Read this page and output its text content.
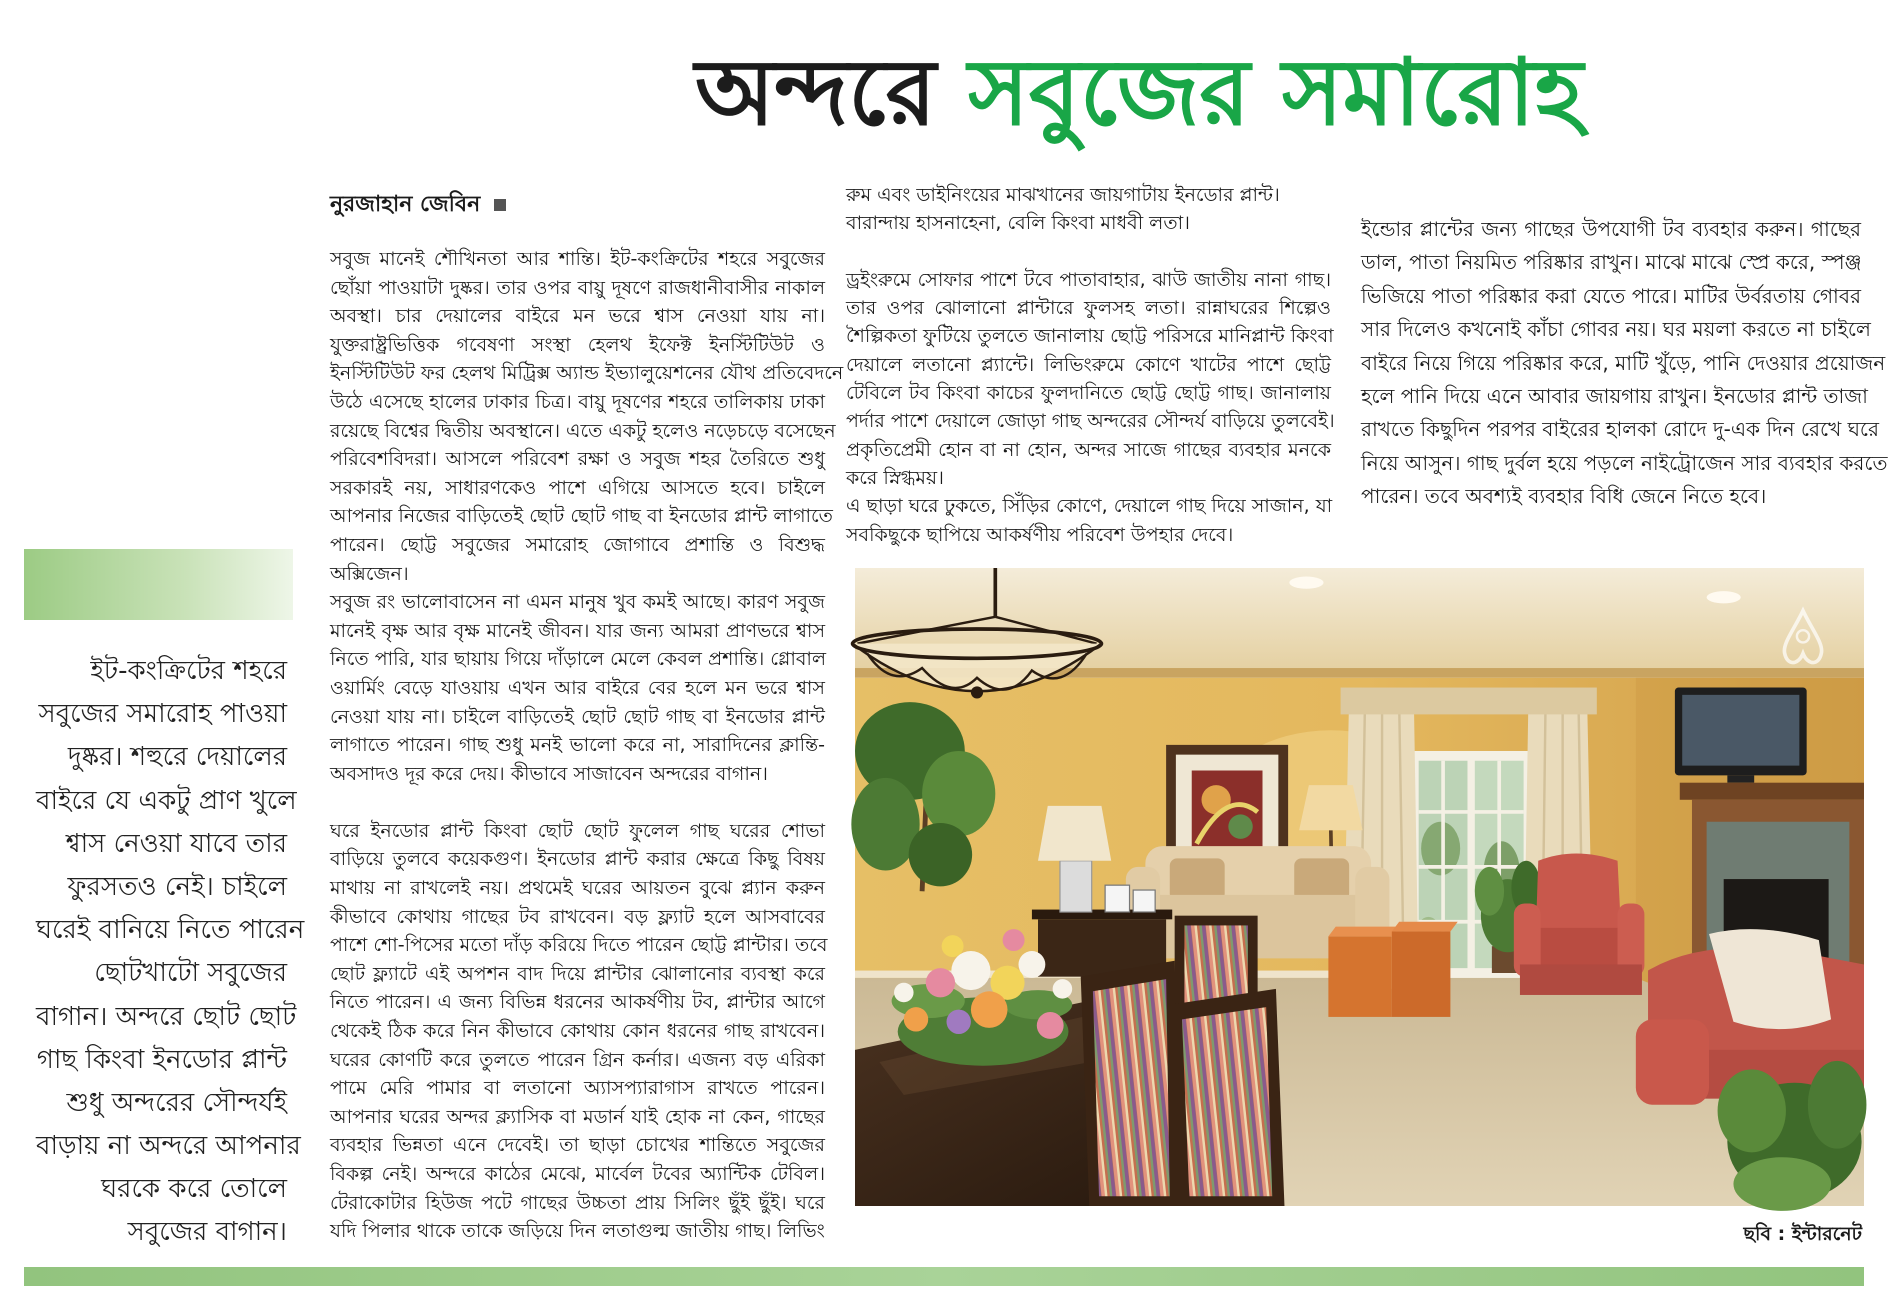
অন্দরে সবুজের সমারোহ
ইট-কংক্রিটের শহরে
সবুজের সমারোহ পাওয়া
দুষ্কর। শহুরে দেয়ালের
বাইরে যে একটু প্রাণ খুলে
শ্বাস নেওয়া যাবে তার
ফুরসতও নেই। চাইলে
ঘরেই বানিয়ে নিতে পারেন
ছোটখাটো সবুজের
বাগান। অন্দরে ছোট ছোট
গাছ কিংবা ইনডোর প্লান্ট
শুধু অন্দরের সৌন্দর্যই
বাড়ায় না অন্দরে আপনার
ঘরকে করে তোলে
সবুজের বাগান।
নুরজাহান জেবিন
সবুজ মানেই শৌখিনতা আর শান্তি। ইট-কংক্রিটের শহরে সবুজের
ছোঁয়া পাওয়াটা দুষ্কর। তার ওপর বায়ু দূষণে রাজধানীবাসীর নাকাল
অবস্থা। চার দেয়ালের বাইরে মন ভরে শ্বাস নেওয়া যায় না।
যুক্তরাষ্ট্রভিত্তিক গবেষণা সংস্থা হেলথ ইফেক্ট ইনস্টিটিউট ও
ইনস্টিটিউট ফর হেলথ মিট্রিক্স অ্যান্ড ইভ্যালুয়েশনের যৌথ প্রতিবেদনে
উঠে এসেছে হালের ঢাকার চিত্র। বায়ু দূষণের শহরে তালিকায় ঢাকা
রয়েছে বিশ্বের দ্বিতীয় অবস্থানে। এতে একটু হলেও নড়েচড়ে বসেছেন
পরিবেশবিদরা। আসলে পরিবেশ রক্ষা ও সবুজ শহর তৈরিতে শুধু
সরকারই নয়, সাধারণকেও পাশে এগিয়ে আসতে হবে। চাইলে
আপনার নিজের বাড়িতেই ছোট ছোট গাছ বা ইনডোর প্লান্ট লাগাতে
পারেন। ছোট্ট সবুজের সমারোহ জোগাবে প্রশান্তি ও বিশুদ্ধ
অক্সিজেন।
সবুজ রং ভালোবাসেন না এমন মানুষ খুব কমই আছে। কারণ সবুজ
মানেই বৃক্ষ আর বৃক্ষ মানেই জীবন। যার জন্য আমরা প্রাণভরে শ্বাস
নিতে পারি, যার ছায়ায় গিয়ে দাঁড়ালে মেলে কেবল প্রশান্তি। গ্লোবাল
ওয়ার্মিং বেড়ে যাওয়ায় এখন আর বাইরে বের হলে মন ভরে শ্বাস
নেওয়া যায় না। চাইলে বাড়িতেই ছোট ছোট গাছ বা ইনডোর প্লান্ট
লাগাতে পারেন। গাছ শুধু মনই ভালো করে না, সারাদিনের ক্লান্তি-
অবসাদও দূর করে দেয়। কীভাবে সাজাবেন অন্দরের বাগান।
ঘরে ইনডোর প্লান্ট কিংবা ছোট ছোট ফুলেল গাছ ঘরের শোভা
বাড়িয়ে তুলবে কয়েকগুণ। ইনডোর প্লান্ট করার ক্ষেত্রে কিছু বিষয়
মাথায় না রাখলেই নয়। প্রথমেই ঘরের আয়তন বুঝে প্ল্যান করুন
কীভাবে কোথায় গাছের টব রাখবেন। বড় ফ্ল্যাট হলে আসবাবের
পাশে শো-পিসের মতো দাঁড় করিয়ে দিতে পারেন ছোট্ট প্লান্টার। তবে
ছোট ফ্ল্যাটে এই অপশন বাদ দিয়ে প্লান্টার ঝোলানোর ব্যবস্থা করে
নিতে পারেন। এ জন্য বিভিন্ন ধরনের আকর্ষণীয় টব, প্লান্টার আগে
থেকেই ঠিক করে নিন কীভাবে কোথায় কোন ধরনের গাছ রাখবেন।
ঘরের কোণটি করে তুলতে পারেন গ্রিন কর্নার। এজন্য বড় এরিকা
পামে মেরি পামার বা লতানো অ্যাসপ্যারাগাস রাখতে পারেন।
আপনার ঘরের অন্দর ক্ল্যাসিক বা মডার্ন যাই হোক না কেন, গাছের
ব্যবহার ভিন্নতা এনে দেবেই। তা ছাড়া চোখের শান্তিতে সবুজের
বিকল্প নেই। অন্দরে কাঠের মেঝে, মার্বেল টবের অ্যান্টিক টেবিল।
টেরাকোটার হিউজ পটে গাছের উচ্চতা প্রায় সিলিং ছুঁই ছুঁই। ঘরে
যদি পিলার থাকে তাকে জড়িয়ে দিন লতাগুল্ম জাতীয় গাছ। লিভিং
রুম এবং ডাইনিংয়ের মাঝখানের জায়গাটায় ইনডোর প্লান্ট।
বারান্দায় হাসনাহেনা, বেলি কিংবা মাধবী লতা।
ড্রইংরুমে সোফার পাশে টবে পাতাবাহার, ঝাউ জাতীয় নানা গাছ।
তার ওপর ঝোলানো প্লান্টারে ফুলসহ লতা। রান্নাঘরের শিল্পেও
শৈল্পিকতা ফুটিয়ে তুলতে জানালায় ছোট্ট পরিসরে মানিপ্লান্ট কিংবা
দেয়ালে লতানো প্ল্যান্টে। লিভিংরুমে কোণে খাটের পাশে ছোট্ট
টেবিলে টব কিংবা কাচের ফুলদানিতে ছোট্ট ছোট্ট গাছ। জানালায়
পর্দার পাশে দেয়ালে জোড়া গাছ অন্দরের সৌন্দর্য বাড়িয়ে তুলবেই।
প্রকৃতিপ্রেমী হোন বা না হোন, অন্দর সাজে গাছের ব্যবহার মনকে
করে স্নিগ্ধময়।
এ ছাড়া ঘরে ঢুকতে, সিঁড়ির কোণে, দেয়ালে গাছ দিয়ে সাজান, যা
সবকিছুকে ছাপিয়ে আকর্ষণীয় পরিবেশ উপহার দেবে।
ইন্ডোর প্লান্টের জন্য গাছের উপযোগী টব ব্যবহার করুন। গাছের
ডাল, পাতা নিয়মিত পরিষ্কার রাখুন। মাঝে মাঝে স্প্রে করে, স্পঞ্জ
ভিজিয়ে পাতা পরিষ্কার করা যেতে পারে। মাটির উর্বরতায় গোবর
সার দিলেও কখনোই কাঁচা গোবর নয়। ঘর ময়লা করতে না চাইলে
বাইরে নিয়ে গিয়ে পরিষ্কার করে, মাটি খুঁড়ে, পানি দেওয়ার প্রয়োজন
হলে পানি দিয়ে এনে আবার জায়গায় রাখুন। ইনডোর প্লান্ট তাজা
রাখতে কিছুদিন পরপর বাইরের হালকা রোদে দু-এক দিন রেখে ঘরে
নিয়ে আসুন। গাছ দুর্বল হয়ে পড়লে নাইট্রোজেন সার ব্যবহার করতে
পারেন। তবে অবশ্যই ব্যবহার বিধি জেনে নিতে হবে।
ছবি : ইন্টারনেট
